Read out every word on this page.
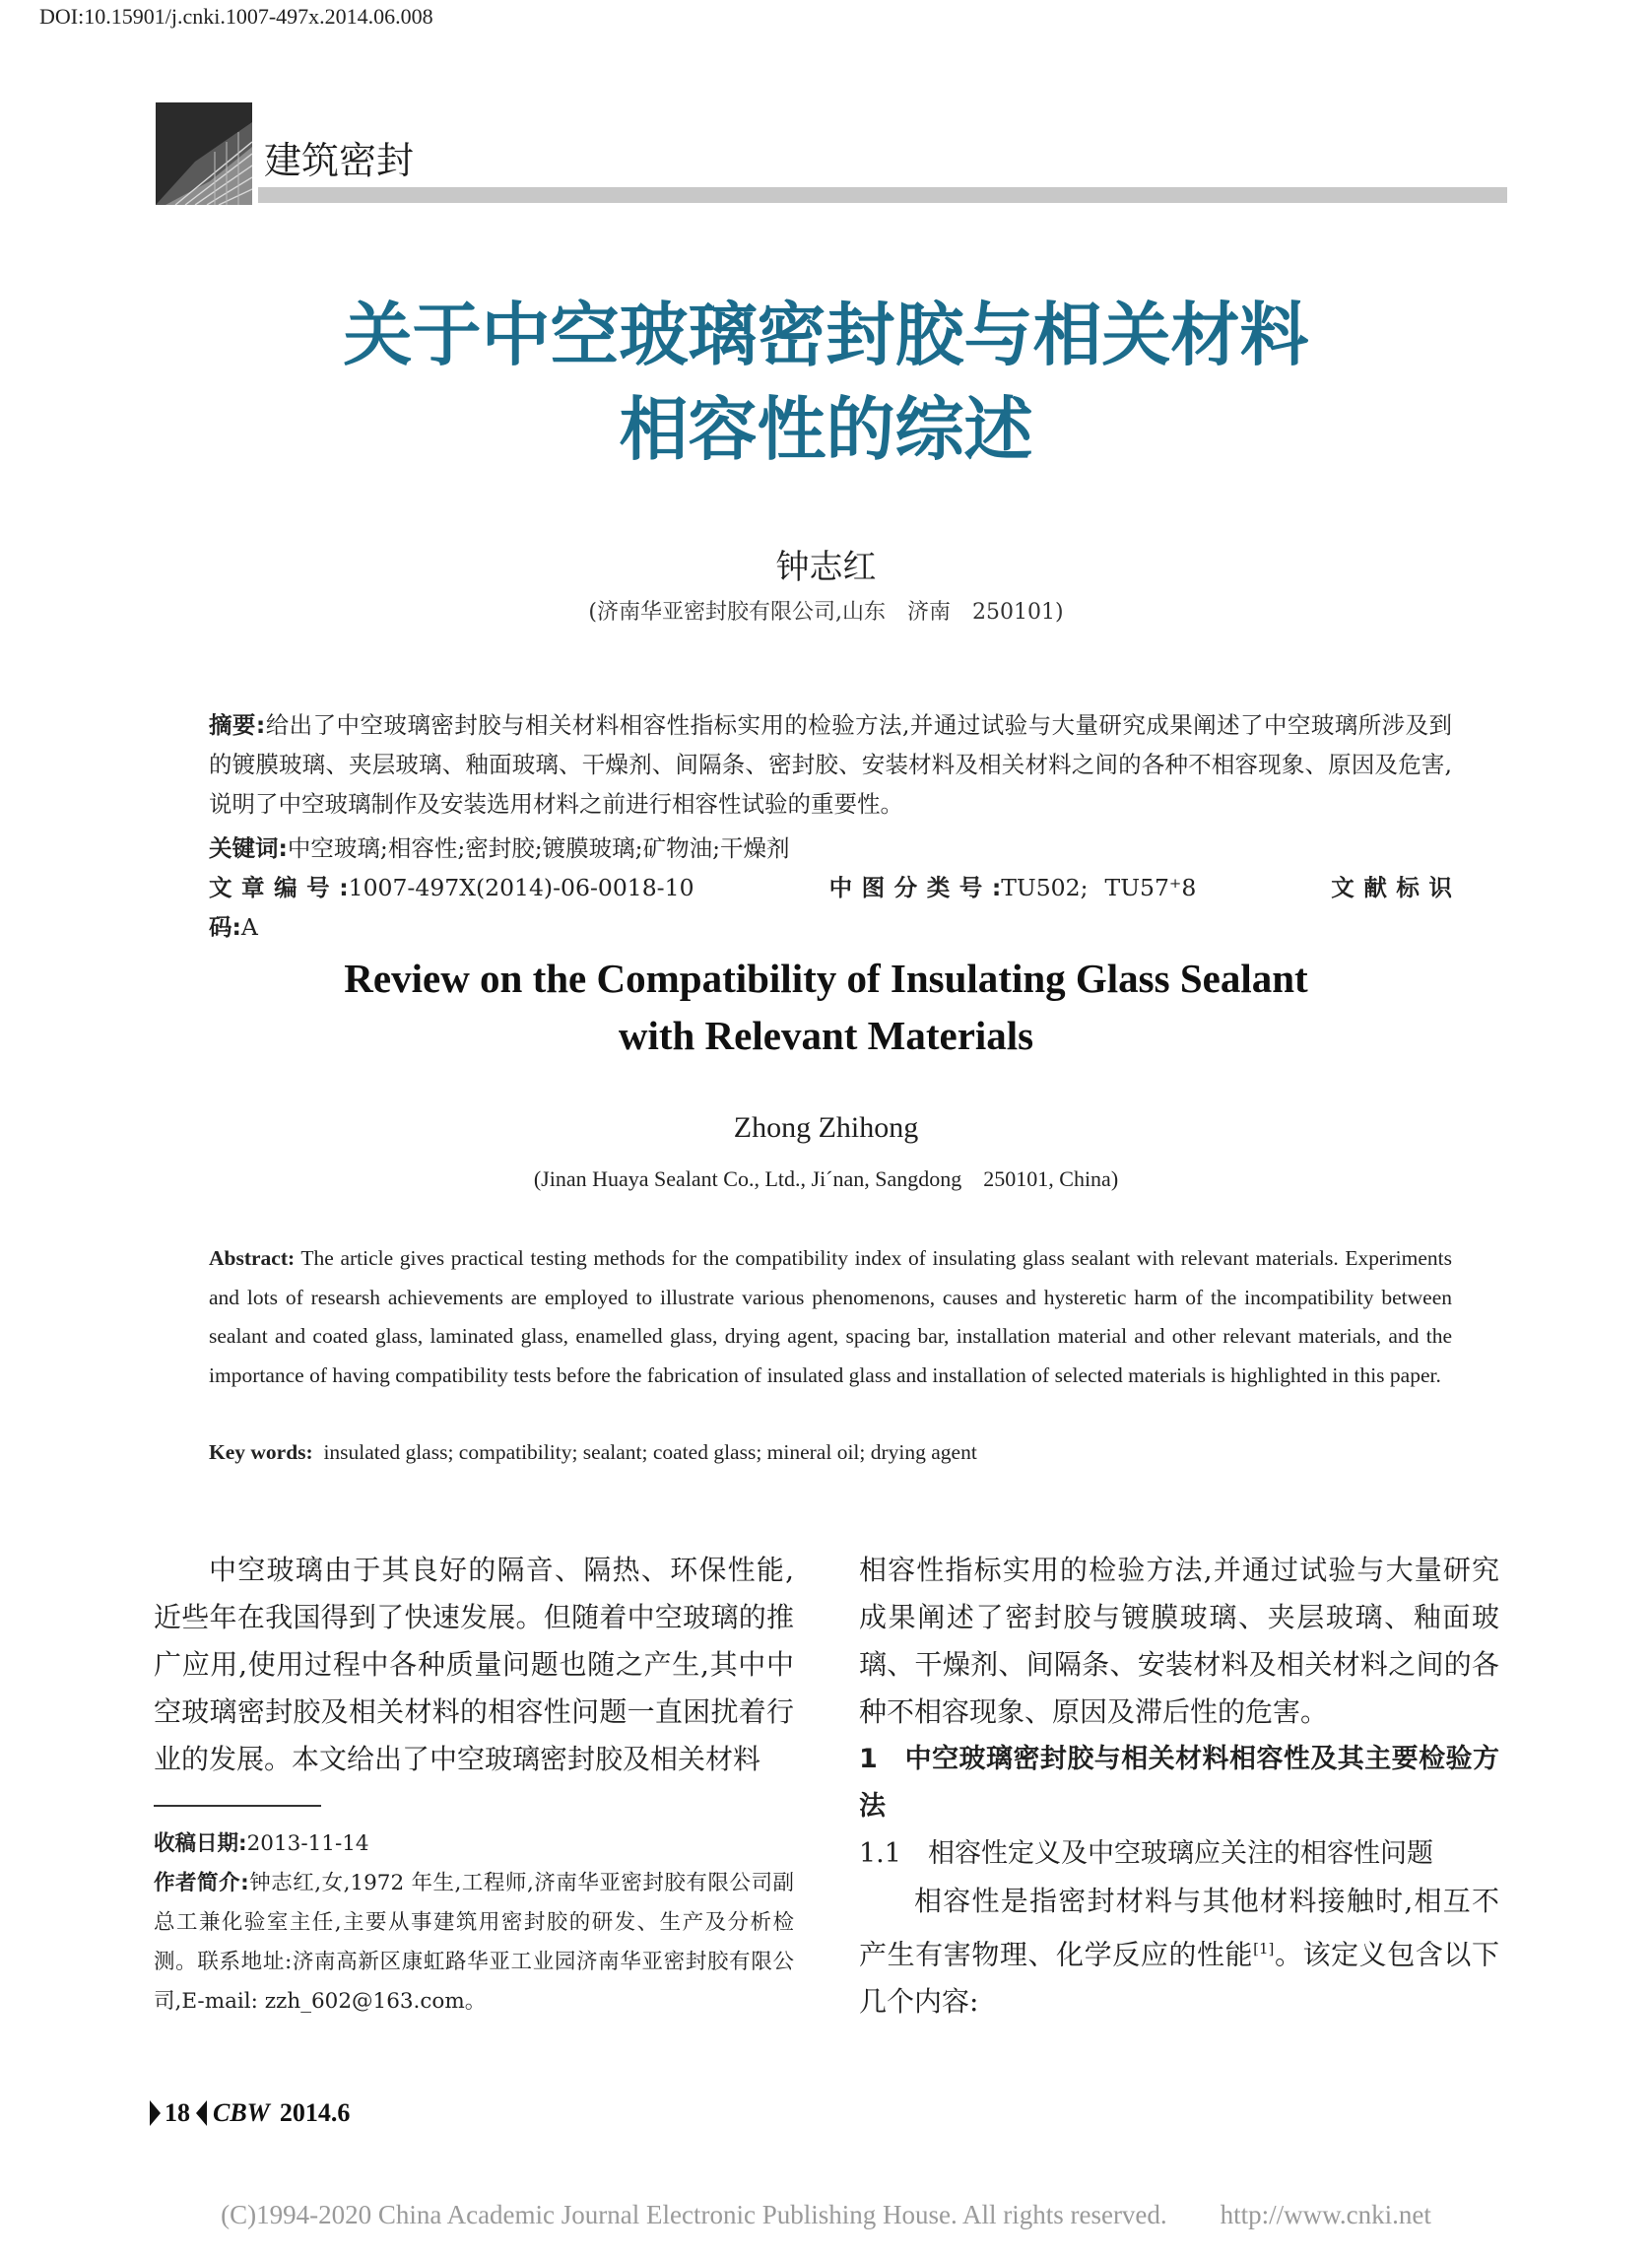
DOI:10.15901/j.cnki.1007-497x.2014.06.008
建筑密封
关于中空玻璃密封胶与相关材料
相容性的综述
钟志红
(济南华亚密封胶有限公司,山东　济南　250101)
摘要:给出了中空玻璃密封胶与相关材料相容性指标实用的检验方法,并通过试验与大量研究成果阐述了中空玻璃所涉及到的镀膜玻璃、夹层玻璃、釉面玻璃、干燥剂、间隔条、密封胶、安装材料及相关材料之间的各种不相容现象、原因及危害,说明了中空玻璃制作及安装选用材料之前进行相容性试验的重要性。
关键词:中空玻璃;相容性;密封胶;镀膜玻璃;矿物油;干燥剂
文章编号:1007-497X(2014)-06-0018-10	中图分类号:TU502; TU57⁺8	文献标识码:A
Review on the Compatibility of Insulating Glass Sealant
with Relevant Materials
Zhong Zhihong
(Jinan Huaya Sealant Co., Ltd., Ji´nan, Sangdong　250101, China)
Abstract: The article gives practical testing methods for the compatibility index of insulating glass sealant with relevant materials. Experiments and lots of researsh achievements are employed to illustrate various phenomenons, causes and hysteretic harm of the incompatibility between sealant and coated glass, laminated glass, enamelled glass, drying agent, spacing bar, installation material and other relevant materials, and the importance of having compatibility tests before the fabrication of insulated glass and installation of selected materials is highlighted in this paper.
Key words: insulated glass; compatibility; sealant; coated glass; mineral oil; drying agent

中空玻璃由于其良好的隔音、隔热、环保性能,近些年在我国得到了快速发展。但随着中空玻璃的推广应用,使用过程中各种质量问题也随之产生,其中中空玻璃密封胶及相关材料的相容性问题一直困扰着行业的发展。本文给出了中空玻璃密封胶及相关材料

收稿日期:2013-11-14
作者简介:钟志红,女,1972 年生,工程师,济南华亚密封胶有限公司副总工兼化验室主任,主要从事建筑用密封胶的研发、生产及分析检测。联系地址:济南高新区康虹路华亚工业园济南华亚密封胶有限公司,E-mail: zzh_602@163.com。

相容性指标实用的检验方法,并通过试验与大量研究成果阐述了密封胶与镀膜玻璃、夹层玻璃、釉面玻璃、干燥剂、间隔条、安装材料及相关材料之间的各种不相容现象、原因及滞后性的危害。

1　中空玻璃密封胶与相关材料相容性及其主要检验方法

1.1　相容性定义及中空玻璃应关注的相容性问题

相容性是指密封材料与其他材料接触时,相互不产生有害物理、化学反应的性能[1]。该定义包含以下几个内容:

18 CBW 2014.6
(C)1994-2020 China Academic Journal Electronic Publishing House. All rights reserved.　　http://www.cnki.net
